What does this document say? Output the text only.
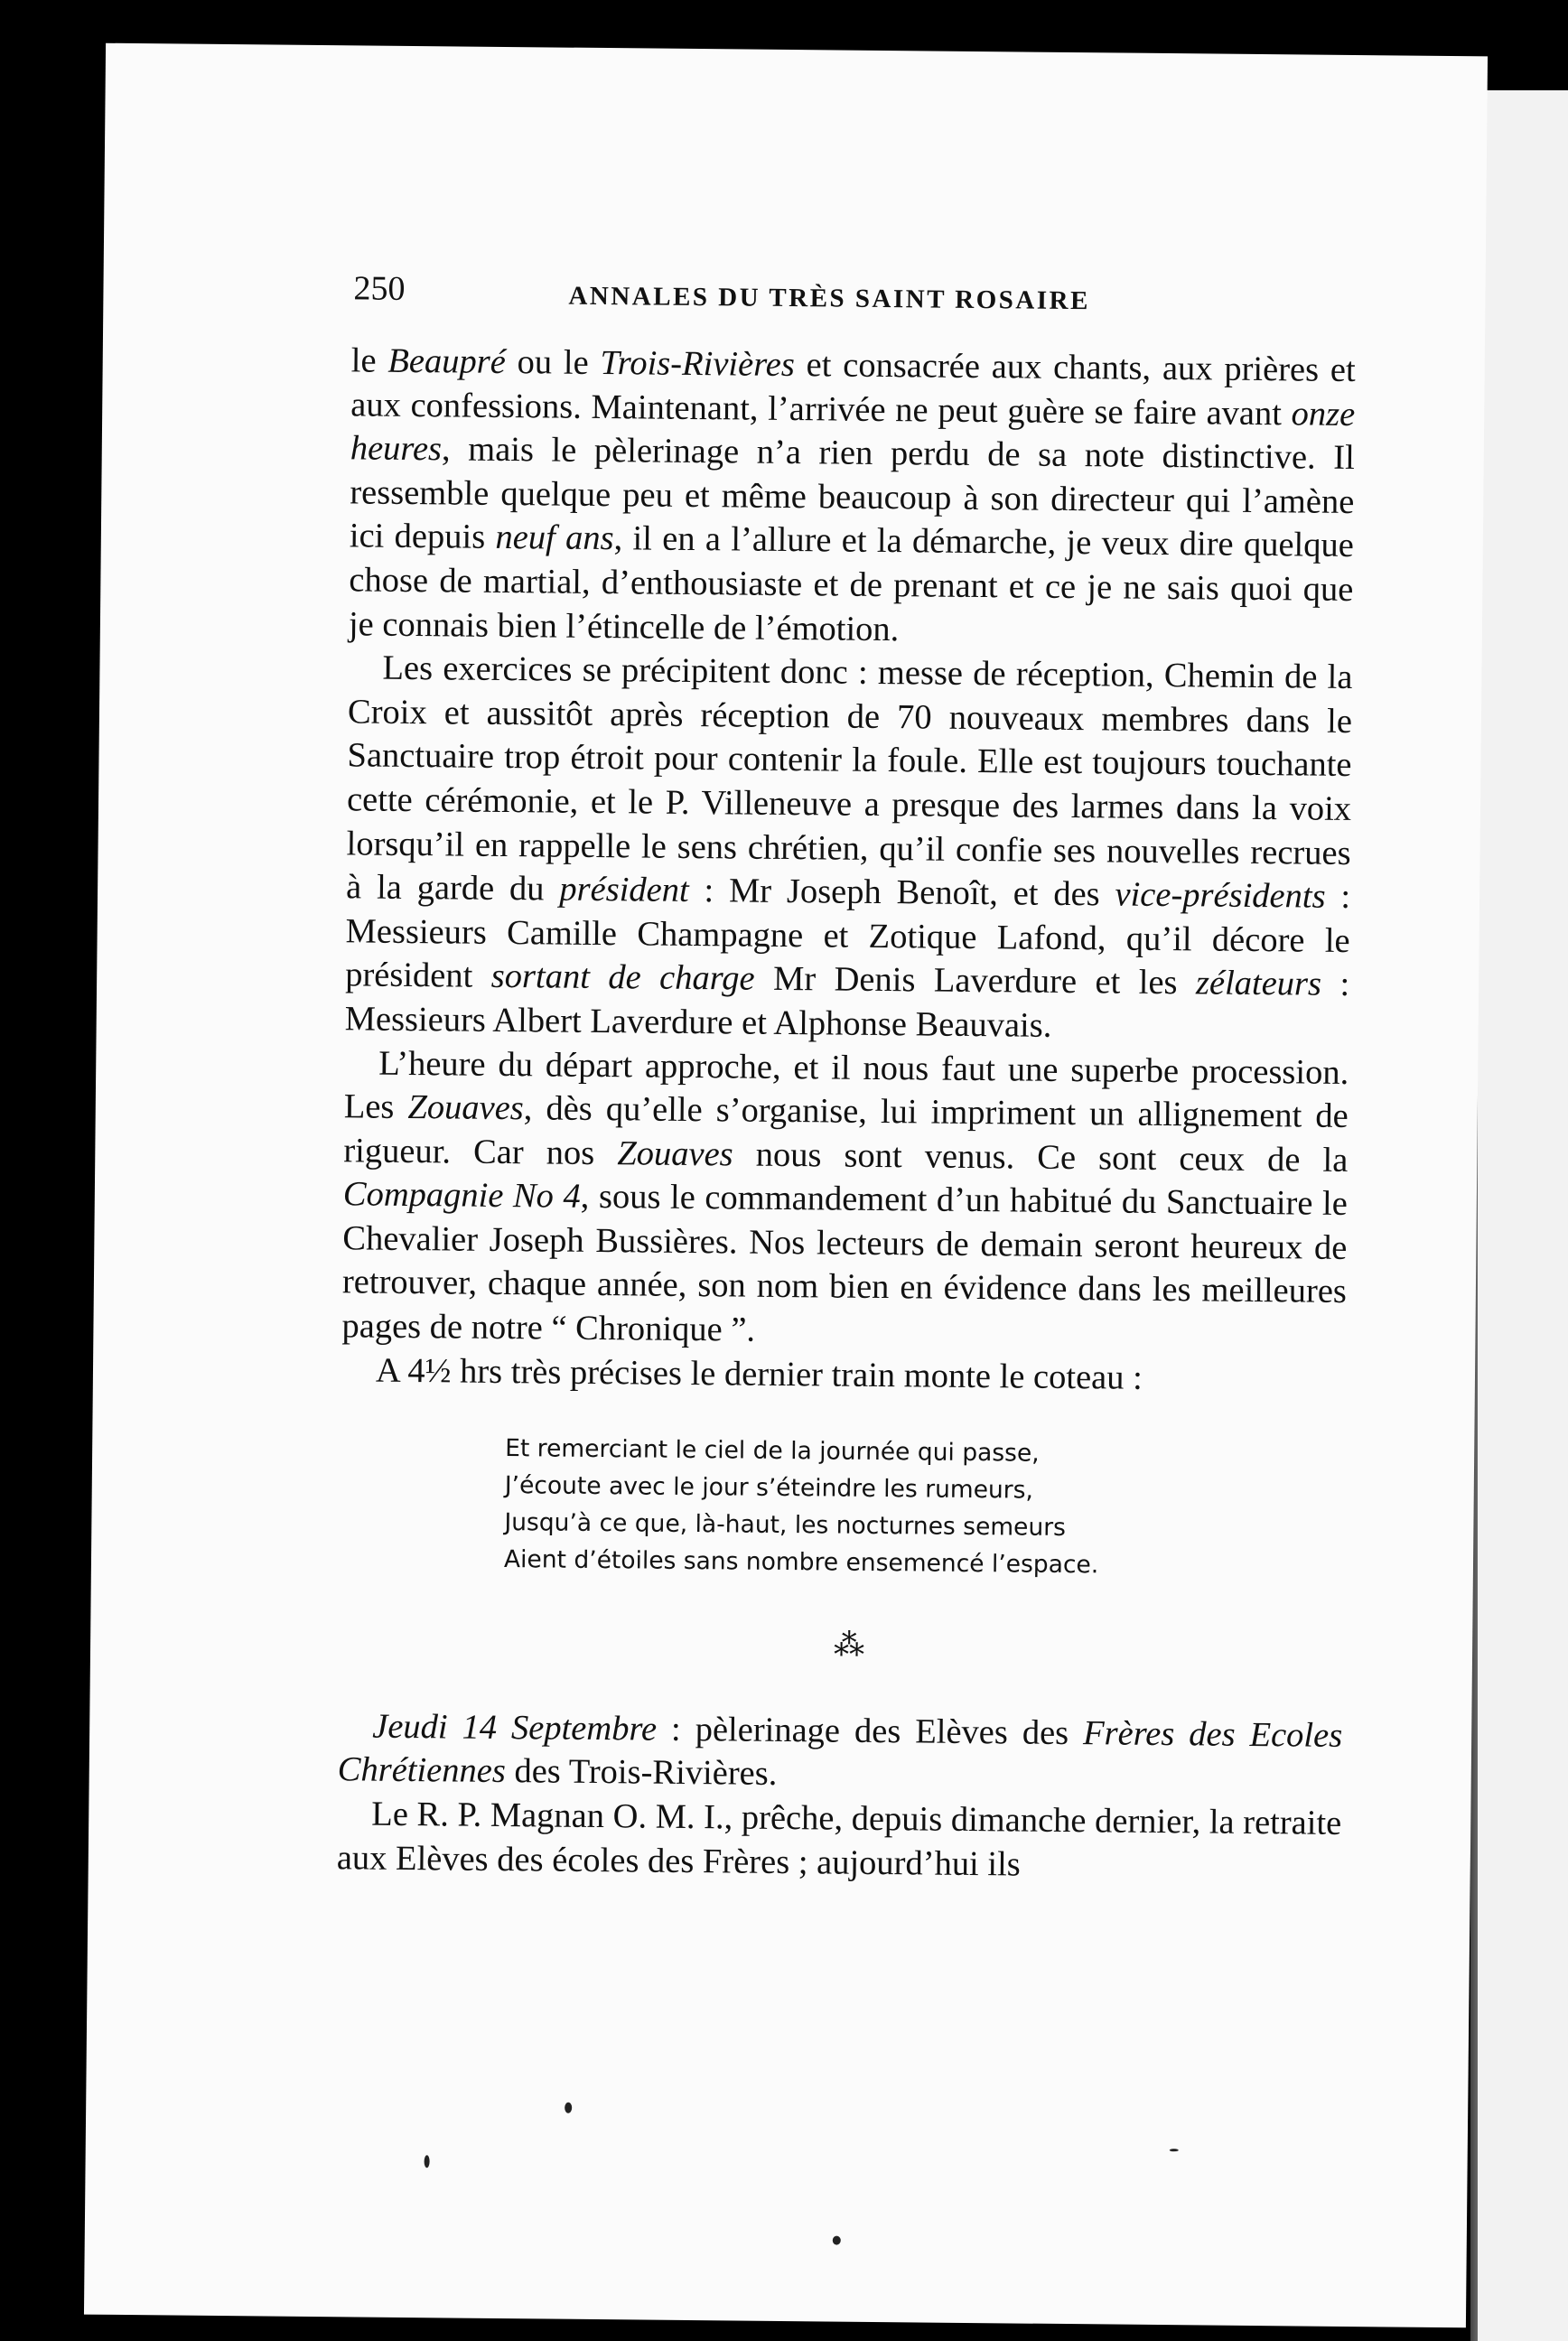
250	ANNALES DU TRÈS SAINT ROSAIRE

le Beaupré ou le Trois-Rivières et consacrée aux chants, aux prières et aux confessions. Maintenant, l’arrivée ne peut guère se faire avant onze heures, mais le pèlerinage n’a rien perdu de sa note distinctive. Il ressemble quelque peu et même beaucoup à son directeur qui l’amène ici depuis neuf ans, il en a l’allure et la démarche, je veux dire quelque chose de martial, d’enthousiaste et de prenant et ce je ne sais quoi que je connais bien l’étincelle de l’émotion.

Les exercices se précipitent donc : messe de réception, Chemin de la Croix et aussitôt après réception de 70 nouveaux membres dans le Sanctuaire trop étroit pour contenir la foule. Elle est toujours touchante cette cérémonie, et le P. Villeneuve a presque des larmes dans la voix lorsqu’il en rappelle le sens chrétien, qu’il confie ses nouvelles recrues à la garde du président : Mr Joseph Benoît, et des vice-présidents : Messieurs Camille Champagne et Zotique Lafond, qu’il décore le président sortant de charge Mr Denis Laverdure et les zélateurs : Messieurs Albert Laverdure et Alphonse Beauvais.

L’heure du départ approche, et il nous faut une superbe procession. Les Zouaves, dès qu’elle s’organise, lui impriment un allignement de rigueur. Car nos Zouaves nous sont venus. Ce sont ceux de la Compagnie No 4, sous le commandement d’un habitué du Sanctuaire le Chevalier Joseph Bussières. Nos lecteurs de demain seront heureux de retrouver, chaque année, son nom bien en évidence dans les meilleures pages de notre “ Chronique ”.

A 4½ hrs très précises le dernier train monte le coteau :

Et remerciant le ciel de la journée qui passe,
J’écoute avec le jour s’éteindre les rumeurs,
Jusqu’à ce que, là-haut, les nocturnes semeurs
Aient d’étoiles sans nombre ensemencé l’espace.
⁂

Jeudi 14 Septembre : pèlerinage des Elèves des Frères des Ecoles Chrétiennes des Trois-Rivières.

Le R. P. Magnan O. M. I., prêche, depuis dimanche dernier, la retraite aux Elèves des écoles des Frères ; aujourd’hui ils
